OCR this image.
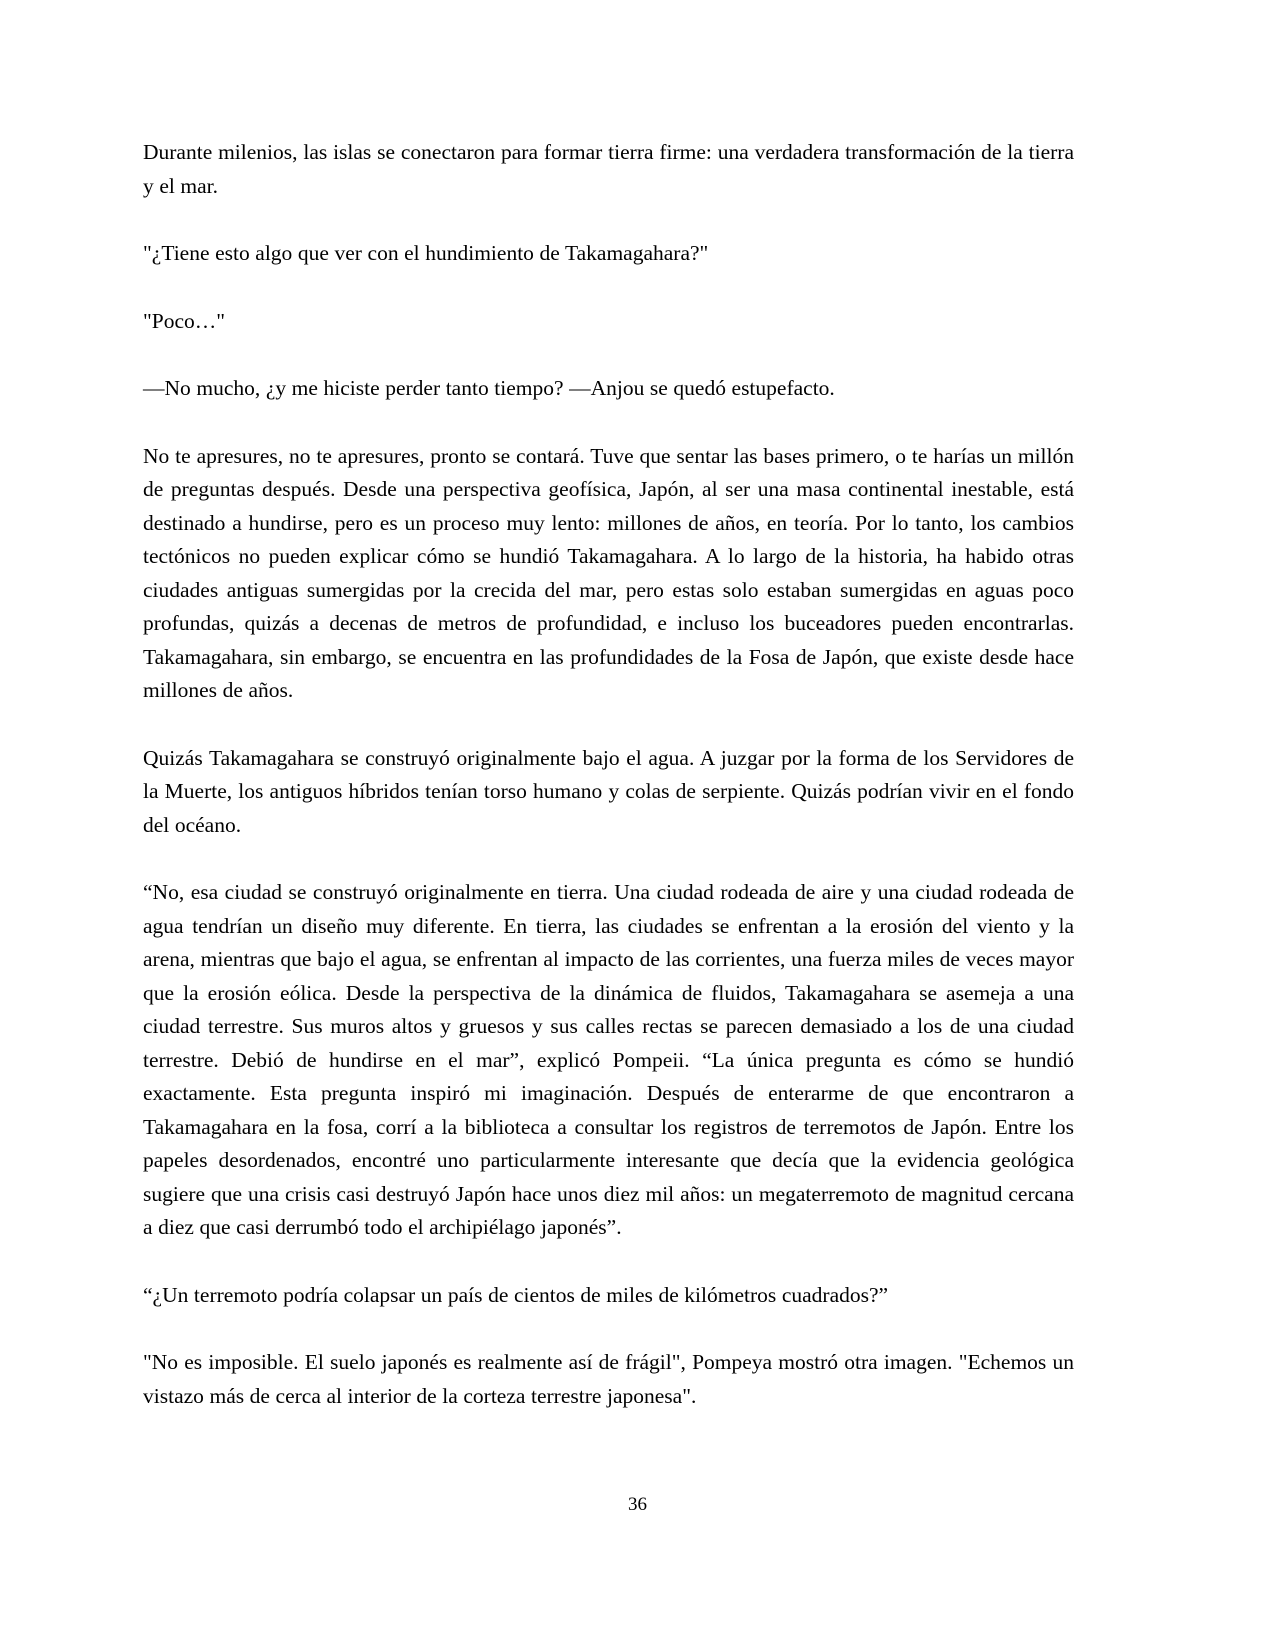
Durante milenios, las islas se conectaron para formar tierra firme: una verdadera transformación de la tierra y el mar.

"¿Tiene esto algo que ver con el hundimiento de Takamagahara?"

"Poco…"

—No mucho, ¿y me hiciste perder tanto tiempo? —Anjou se quedó estupefacto.

No te apresures, no te apresures, pronto se contará. Tuve que sentar las bases primero, o te harías un millón de preguntas después. Desde una perspectiva geofísica, Japón, al ser una masa continental inestable, está destinado a hundirse, pero es un proceso muy lento: millones de años, en teoría. Por lo tanto, los cambios tectónicos no pueden explicar cómo se hundió Takamagahara. A lo largo de la historia, ha habido otras ciudades antiguas sumergidas por la crecida del mar, pero estas solo estaban sumergidas en aguas poco profundas, quizás a decenas de metros de profundidad, e incluso los buceadores pueden encontrarlas. Takamagahara, sin embargo, se encuentra en las profundidades de la Fosa de Japón, que existe desde hace millones de años.

Quizás Takamagahara se construyó originalmente bajo el agua. A juzgar por la forma de los Servidores de la Muerte, los antiguos híbridos tenían torso humano y colas de serpiente. Quizás podrían vivir en el fondo del océano.

“No, esa ciudad se construyó originalmente en tierra. Una ciudad rodeada de aire y una ciudad rodeada de agua tendrían un diseño muy diferente. En tierra, las ciudades se enfrentan a la erosión del viento y la arena, mientras que bajo el agua, se enfrentan al impacto de las corrientes, una fuerza miles de veces mayor que la erosión eólica. Desde la perspectiva de la dinámica de fluidos, Takamagahara se asemeja a una ciudad terrestre. Sus muros altos y gruesos y sus calles rectas se parecen demasiado a los de una ciudad terrestre. Debió de hundirse en el mar”, explicó Pompeii. “La única pregunta es cómo se hundió exactamente. Esta pregunta inspiró mi imaginación. Después de enterarme de que encontraron a Takamagahara en la fosa, corrí a la biblioteca a consultar los registros de terremotos de Japón. Entre los papeles desordenados, encontré uno particularmente interesante que decía que la evidencia geológica sugiere que una crisis casi destruyó Japón hace unos diez mil años: un megaterremoto de magnitud cercana a diez que casi derrumbó todo el archipiélago japonés”.

“¿Un terremoto podría colapsar un país de cientos de miles de kilómetros cuadrados?”

"No es imposible. El suelo japonés es realmente así de frágil", Pompeya mostró otra imagen. "Echemos un vistazo más de cerca al interior de la corteza terrestre japonesa".

36
